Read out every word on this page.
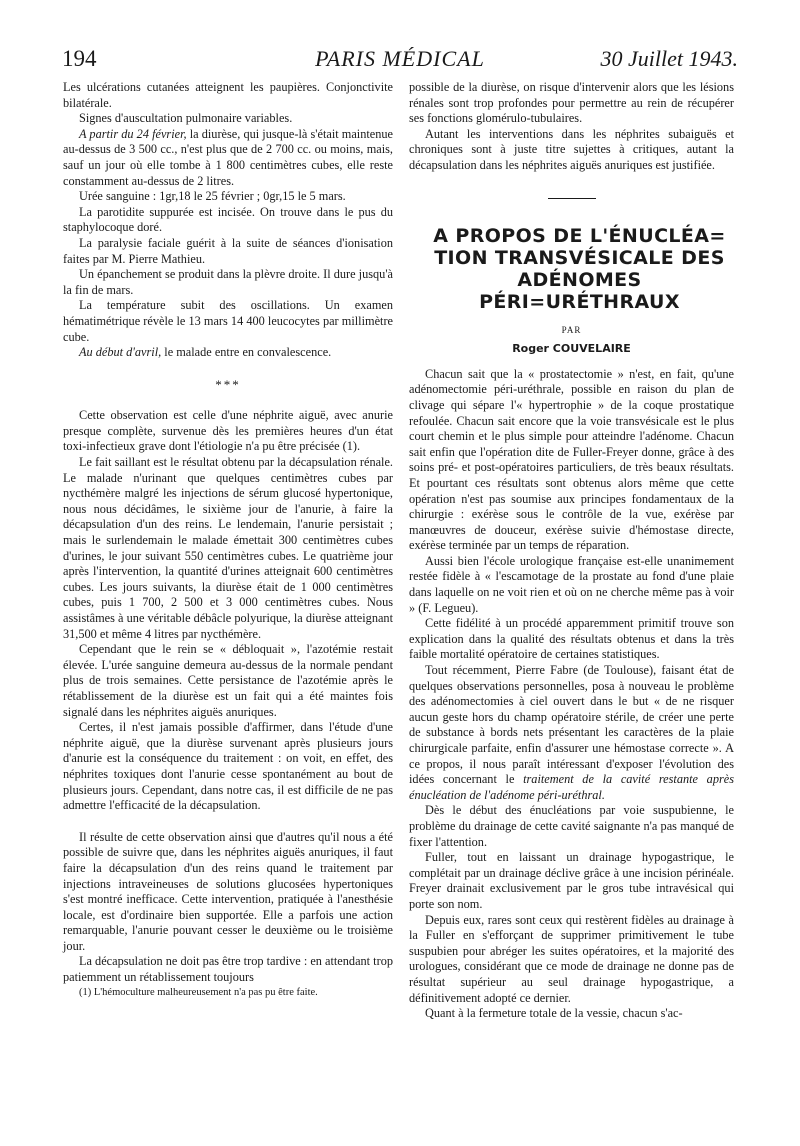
194	PARIS MÉDICAL	30 Juillet 1943.

Les ulcérations cutanées atteignent les paupières. Conjonctivite bilatérale.

Signes d'auscultation pulmonaire variables.

A partir du 24 février, la diurèse, qui jusque-là s'était maintenue au-dessus de 3 500 cc., n'est plus que de 2 700 cc. ou moins, mais, sauf un jour où elle tombe à 1 800 centimètres cubes, elle reste constamment au-dessus de 2 litres.

Urée sanguine : 1gr,18 le 25 février ; 0gr,15 le 5 mars.

La parotidite suppurée est incisée. On trouve dans le pus du staphylocoque doré.

La paralysie faciale guérit à la suite de séances d'ionisation faites par M. Pierre Mathieu.

Un épanchement se produit dans la plèvre droite. Il dure jusqu'à la fin de mars.

La température subit des oscillations. Un examen hématimétrique révèle le 13 mars 14 400 leucocytes par millimètre cube.

Au début d'avril, le malade entre en convalescence.

***

Cette observation est celle d'une néphrite aiguë, avec anurie presque complète, survenue dès les premières heures d'un état toxi-infectieux grave dont l'étiologie n'a pu être précisée (1).

Le fait saillant est le résultat obtenu par la décapsulation rénale. Le malade n'urinant que quelques centimètres cubes par nycthémère malgré les injections de sérum glucosé hypertonique, nous nous décidâmes, le sixième jour de l'anurie, à faire la décapsulation d'un des reins. Le lendemain, l'anurie persistait ; mais le surlendemain le malade émettait 300 centimètres cubes d'urines, le jour suivant 550 centimètres cubes. Le quatrième jour après l'intervention, la quantité d'urines atteignait 600 centimètres cubes. Les jours suivants, la diurèse était de 1 000 centimètres cubes, puis 1 700, 2 500 et 3 000 centimètres cubes. Nous assistâmes à une véritable débâcle polyurique, la diurèse atteignant 31,500 et même 4 litres par nycthémère.

Cependant que le rein se « débloquait », l'azotémie restait élevée. L'urée sanguine demeura au-dessus de la normale pendant plus de trois semaines. Cette persistance de l'azotémie après le rétablissement de la diurèse est un fait qui a été maintes fois signalé dans les néphrites aiguës anuriques.

Certes, il n'est jamais possible d'affirmer, dans l'étude d'une néphrite aiguë, que la diurèse survenant après plusieurs jours d'anurie est la conséquence du traitement : on voit, en effet, des néphrites toxiques dont l'anurie cesse spontanément au bout de plusieurs jours. Cependant, dans notre cas, il est difficile de ne pas admettre l'efficacité de la décapsulation.

Il résulte de cette observation ainsi que d'autres qu'il nous a été possible de suivre que, dans les néphrites aiguës anuriques, il faut faire la décapsulation d'un des reins quand le traitement par injections intraveineuses de solutions glucosées hypertoniques s'est montré inefficace. Cette intervention, pratiquée à l'anesthésie locale, est d'ordinaire bien supportée. Elle a parfois une action remarquable, l'anurie pouvant cesser le deuxième ou le troisième jour.

La décapsulation ne doit pas être trop tardive : en attendant trop patiemment un rétablissement toujours

(1) L'hémoculture malheureusement n'a pas pu être faite.

possible de la diurèse, on risque d'intervenir alors que les lésions rénales sont trop profondes pour permettre au rein de récupérer ses fonctions glomérulo-tubulaires.

Autant les interventions dans les néphrites subaiguës et chroniques sont à juste titre sujettes à critiques, autant la décapsulation dans les néphrites aiguës anuriques est justifiée.

A PROPOS DE L'ÉNUCLÉA=

TION TRANSVÉSICALE DES

ADÉNOMES

PÉRI=URÉTHRAUX

PAR
Roger COUVELAIRE

Chacun sait que la « prostatectomie » n'est, en fait, qu'une adénomectomie péri-uréthrale, possible en raison du plan de clivage qui sépare l'« hypertrophie » de la coque prostatique refoulée. Chacun sait encore que la voie transvésicale est le plus court chemin et le plus simple pour atteindre l'adénome. Chacun sait enfin que l'opération dite de Fuller-Freyer donne, grâce à des soins pré- et post-opératoires particuliers, de très beaux résultats. Et pourtant ces résultats sont obtenus alors même que cette opération n'est pas soumise aux principes fondamentaux de la chirurgie : exérèse sous le contrôle de la vue, exérèse par manœuvres de douceur, exérèse suivie d'hémostase directe, exérèse terminée par un temps de réparation.

Aussi bien l'école urologique française est-elle unanimement restée fidèle à « l'escamotage de la prostate au fond d'une plaie dans laquelle on ne voit rien et où on ne cherche même pas à voir » (F. Legueu).

Cette fidélité à un procédé apparemment primitif trouve son explication dans la qualité des résultats obtenus et dans la très faible mortalité opératoire de certaines statistiques.

Tout récemment, Pierre Fabre (de Toulouse), faisant état de quelques observations personnelles, posa à nouveau le problème des adénomectomies à ciel ouvert dans le but « de ne risquer aucun geste hors du champ opératoire stérile, de créer une perte de substance à bords nets présentant les caractères de la plaie chirurgicale parfaite, enfin d'assurer une hémostase correcte ». A ce propos, il nous paraît intéressant d'exposer l'évolution des idées concernant le traitement de la cavité restante après énucléation de l'adénome péri-uréthral.

Dès le début des énucléations par voie suspubienne, le problème du drainage de cette cavité saignante n'a pas manqué de fixer l'attention.

Fuller, tout en laissant un drainage hypogastrique, le complétait par un drainage déclive grâce à une incision périnéale. Freyer drainait exclusivement par le gros tube intravésical qui porte son nom.

Depuis eux, rares sont ceux qui restèrent fidèles au drainage à la Fuller en s'efforçant de supprimer primitivement le tube suspubien pour abréger les suites opératoires, et la majorité des urologues, considérant que ce mode de drainage ne donne pas de résultat supérieur au seul drainage hypogastrique, a définitivement adopté ce dernier.

Quant à la fermeture totale de la vessie, chacun s'ac-
